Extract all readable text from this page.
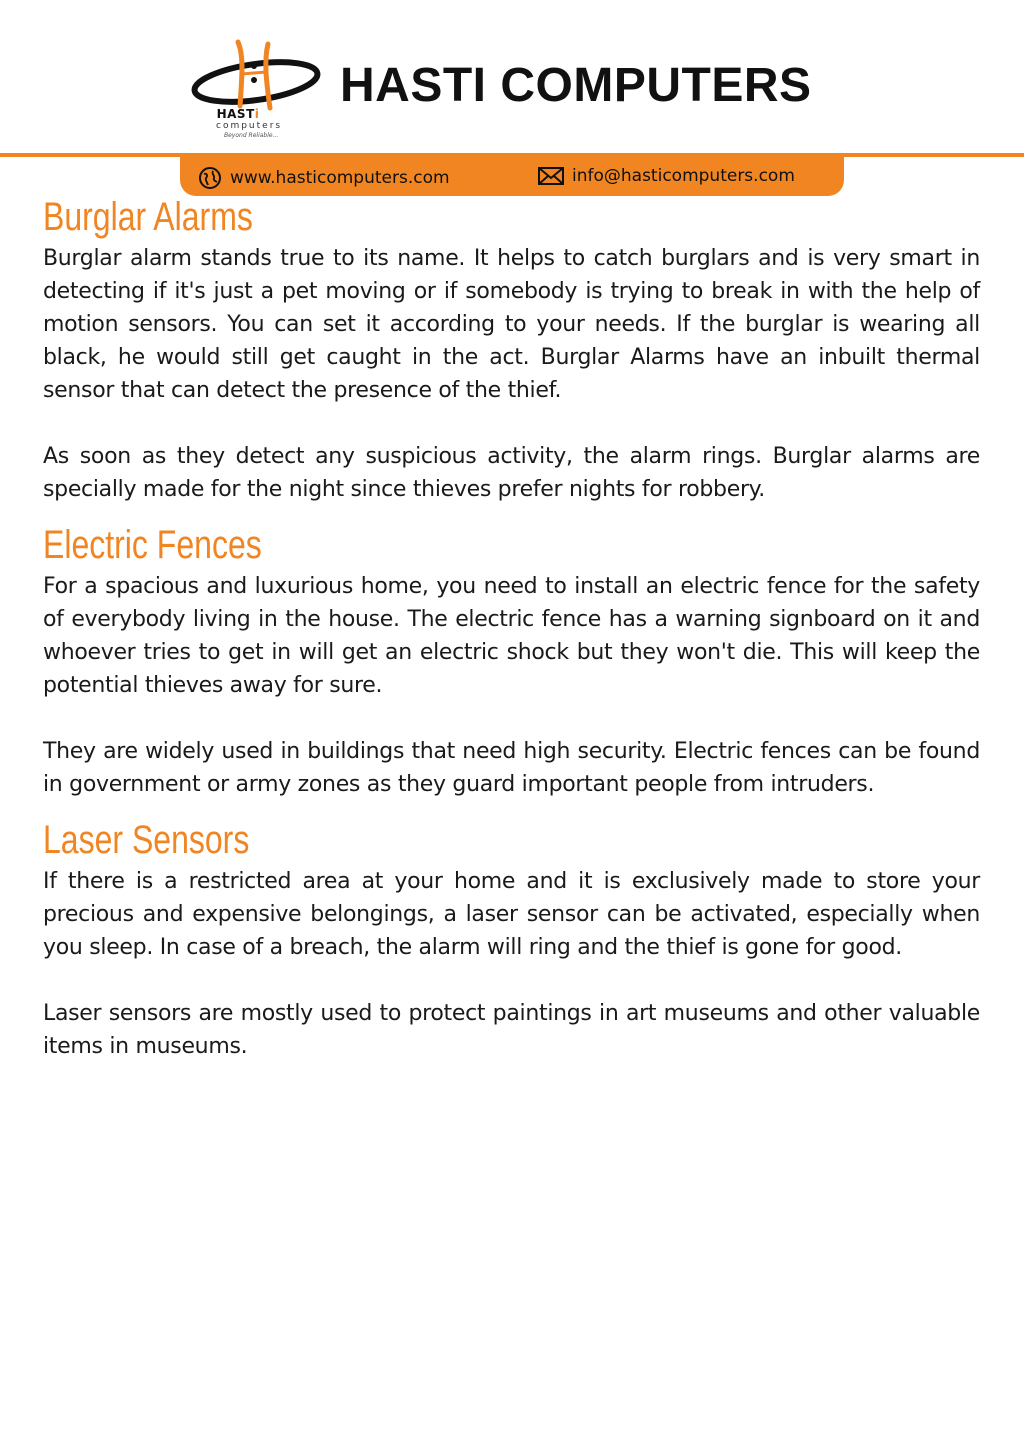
HASTi
computers
Beyond Reliable...
HASTI COMPUTERS
www.hasticomputers.com	info@hasticomputers.com
Burglar Alarms

Burglar alarm stands true to its name. It helps to catch burglars and is very smart in detecting if it's just a pet moving or if somebody is trying to break in with the help of motion sensors. You can set it according to your needs. If the burglar is wearing all black, he would still get caught in the act. Burglar Alarms have an inbuilt thermal sensor that can detect the presence of the thief.

As soon as they detect any suspicious activity, the alarm rings. Burglar alarms are specially made for the night since thieves prefer nights for robbery.

Electric Fences

For a spacious and luxurious home, you need to install an electric fence for the safety of everybody living in the house. The electric fence has a warning signboard on it and whoever tries to get in will get an electric shock but they won't die. This will keep the potential thieves away for sure.

They are widely used in buildings that need high security. Electric fences can be found in government or army zones as they guard important people from intruders.

Laser Sensors

If there is a restricted area at your home and it is exclusively made to store your precious and expensive belongings, a laser sensor can be activated, especially when you sleep. In case of a breach, the alarm will ring and the thief is gone for good.

Laser sensors are mostly used to protect paintings in art museums and other valuable items in museums.
